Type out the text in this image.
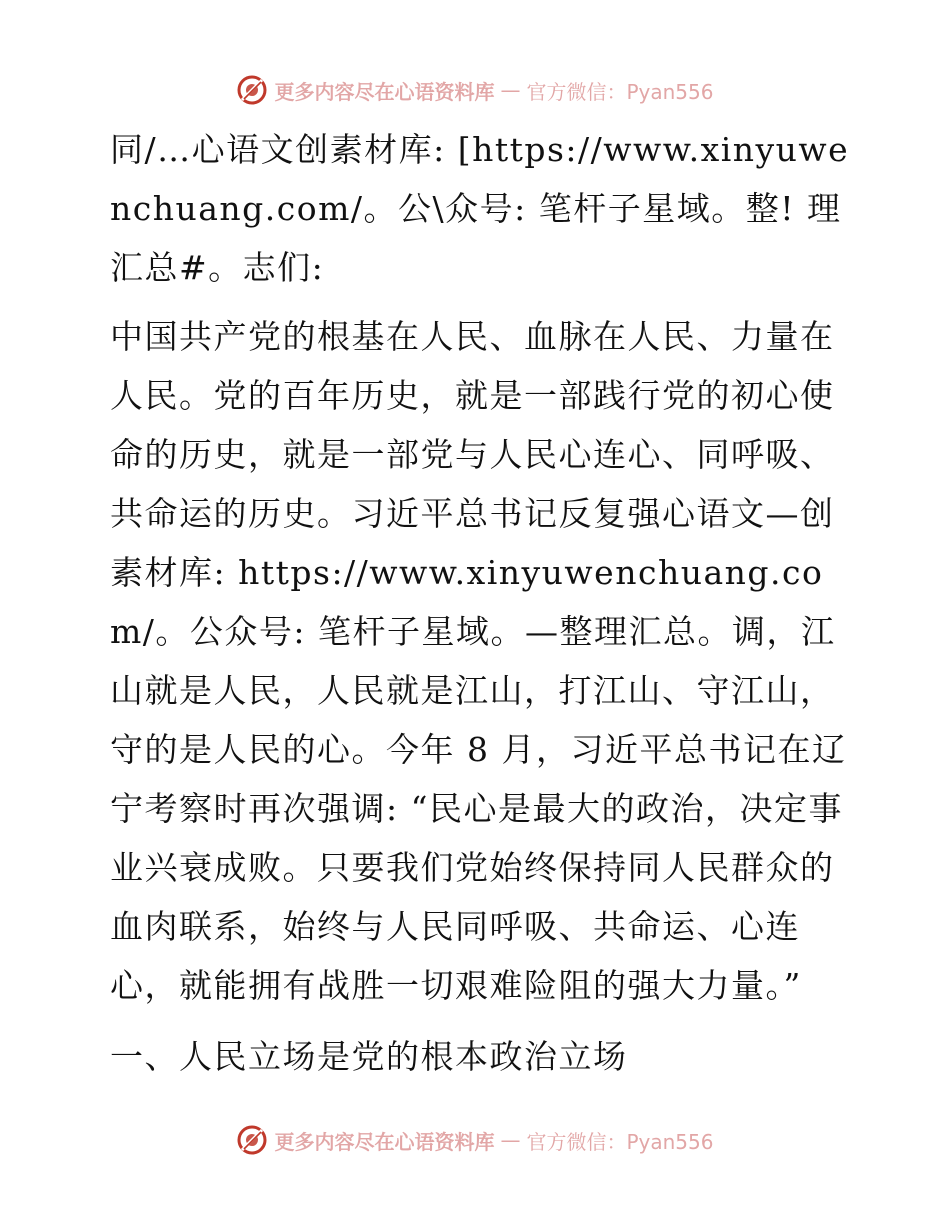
更多内容尽在心语资料库 — 官方微信：Pyan556

同/…心语文创素材库: [https://www.xinyuwenchuang.com/。公\众号: 笔杆子星域。整! 理汇总#。志们:

中国共产党的根基在人民、血脉在人民、力量在人民。党的百年历史，就是一部践行党的初心使命的历史，就是一部党与人民心连心、同呼吸、共命运的历史。习近平总书记反复强心语文—创素材库: https://www.xinyuwenchuang.com/。公众号: 笔杆子星域。—整理汇总。调，江山就是人民，人民就是江山，打江山、守江山，守的是人民的心。今年 8 月，习近平总书记在辽宁考察时再次强调: “民心是最大的政治，决定事业兴衰成败。只要我们党始终保持同人民群众的血肉联系，始终与人民同呼吸、共命运、心连心，就能拥有战胜一切艰难险阻的强大力量。”

一、人民立场是党的根本政治立场

更多内容尽在心语资料库 — 官方微信：Pyan556
